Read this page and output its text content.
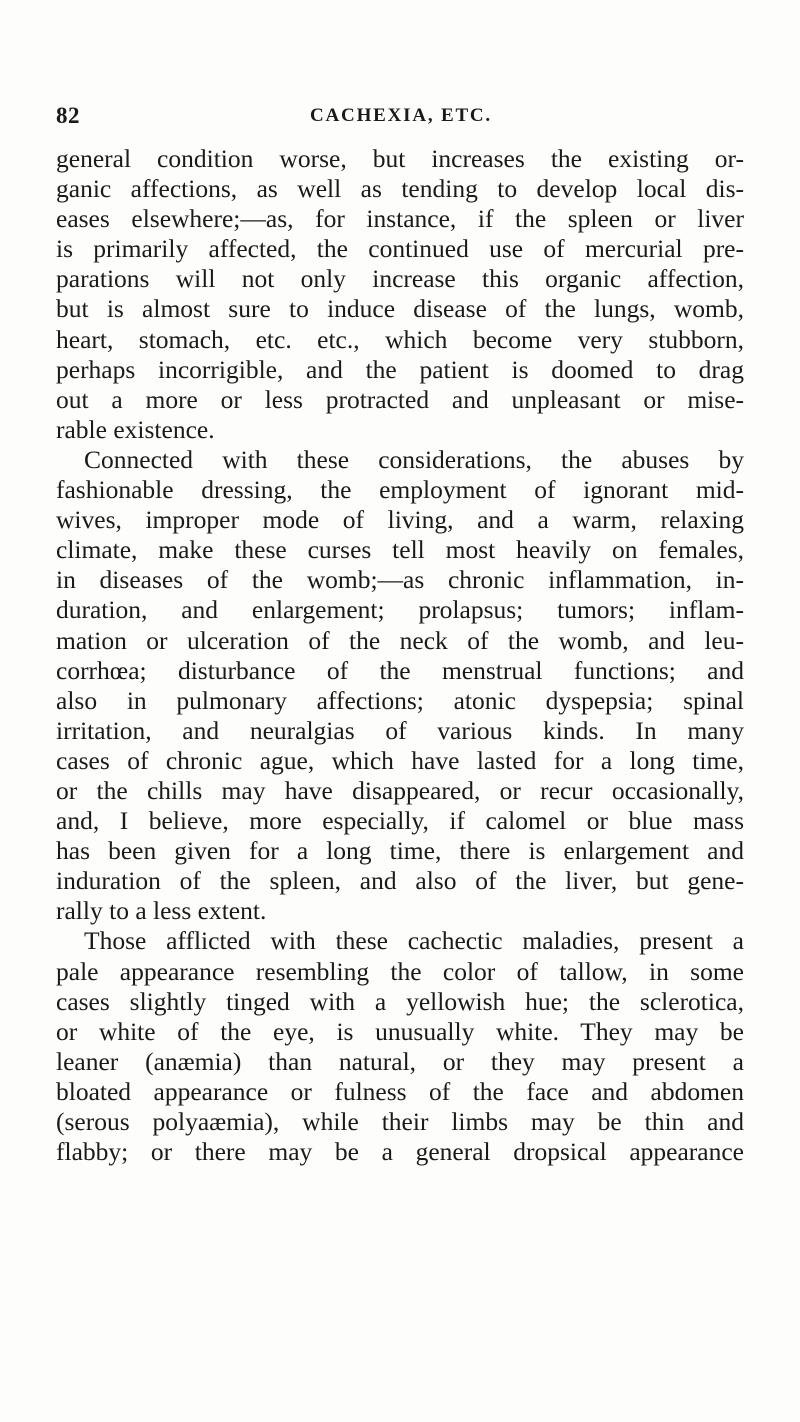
82	CACHEXIA, ETC.
general condition worse, but increases the existing or-
ganic affections, as well as tending to develop local dis-
eases elsewhere;—as, for instance, if the spleen or liver
is primarily affected, the continued use of mercurial pre-
parations will not only increase this organic affection,
but is almost sure to induce disease of the lungs, womb,
heart, stomach, etc. etc., which become very stubborn,
perhaps incorrigible, and the patient is doomed to drag
out a more or less protracted and unpleasant or mise-
rable existence.
Connected with these considerations, the abuses by
fashionable dressing, the employment of ignorant mid-
wives, improper mode of living, and a warm, relaxing
climate, make these curses tell most heavily on females,
in diseases of the womb;—as chronic inflammation, in-
duration, and enlargement; prolapsus; tumors; inflam-
mation or ulceration of the neck of the womb, and leu-
corrhœa; disturbance of the menstrual functions; and
also in pulmonary affections; atonic dyspepsia; spinal
irritation, and neuralgias of various kinds. In many
cases of chronic ague, which have lasted for a long time,
or the chills may have disappeared, or recur occasionally,
and, I believe, more especially, if calomel or blue mass
has been given for a long time, there is enlargement and
induration of the spleen, and also of the liver, but gene-
rally to a less extent.
Those afflicted with these cachectic maladies, present a
pale appearance resembling the color of tallow, in some
cases slightly tinged with a yellowish hue; the sclerotica,
or white of the eye, is unusually white. They may be
leaner (anæmia) than natural, or they may present a
bloated appearance or fulness of the face and abdomen
(serous polyaæmia), while their limbs may be thin and
flabby; or there may be a general dropsical appearance
